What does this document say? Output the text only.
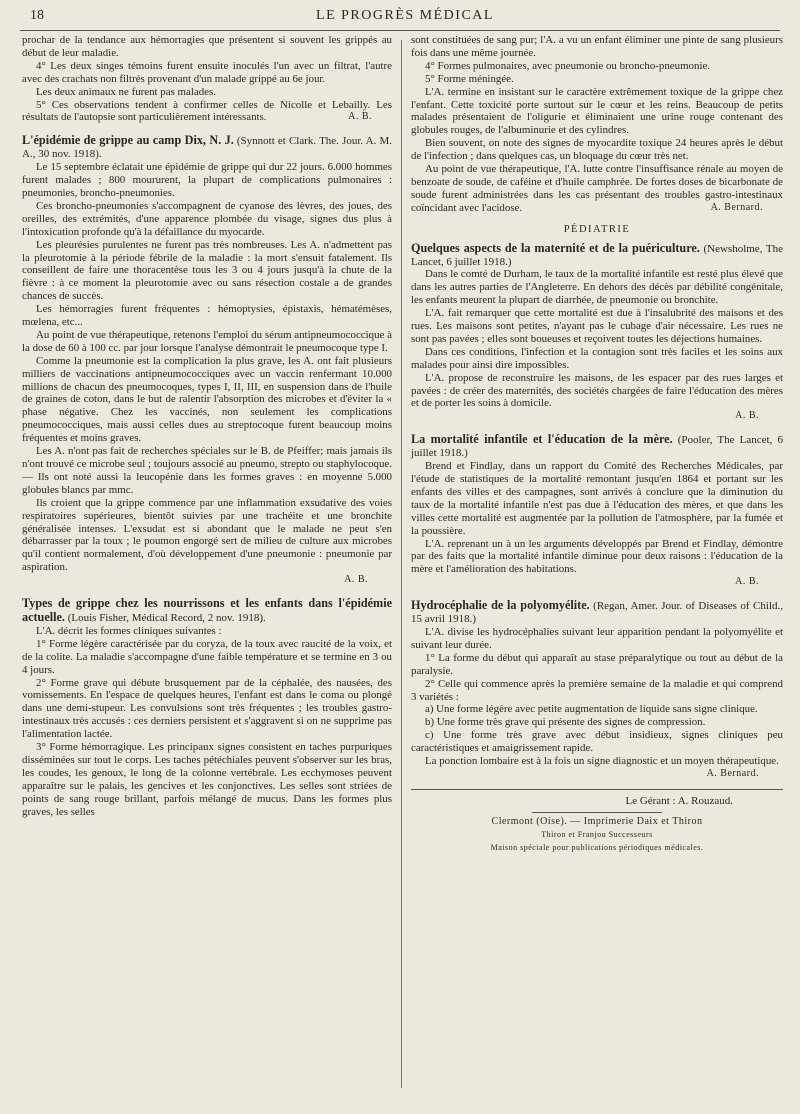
18	LE PROGRÈS MÉDICAL

prochar de la tendance aux hémorragies que présentent si souvent les grippés au début de leur maladie.

4° Les deux singes témoins furent ensuite inoculés l'un avec un filtrat, l'autre avec des crachats non filtrés provenant d'un malade grippé au 6e jour.

Les deux animaux ne furent pas malades.

5° Ces observations tendent à confirmer celles de Nicolle et Lebailly. Les résultats de l'autopsie sont particulièrement intéressants.	A. B.

L'épidémie de grippe au camp Dix, N. J. (Synnott et Clark. The. Jour. A. M. A., 30 nov. 1918).

Le 15 septembre éclatait une épidémie de grippe qui dur 22 jours. 6.000 hommes furent malades ; 800 moururent, la plupart de complications pulmonaires : pneumonies, broncho-pneumonies.

Ces broncho-pneumonies s'accompagnent de cyanose des lèvres, des joues, des oreilles, des extrémités, d'une apparence plombée du visage, signes dus plus à l'intoxication profonde qu'à la défaillance du myocarde.

Les pleurésies purulentes ne furent pas très nombreuses. Les A. n'admettent pas la pleurotomie à la période fébrile de la maladie : la mort s'ensuit fatalement. Ils conseillent de faire une thoracentèse tous les 3 ou 4 jours jusqu'à la chute de la fièvre : à ce moment la pleurotomie avec ou sans résection costale a de grandes chances de succès.

Les hémorragies furent fréquentes : hémoptysies, épistaxis, hématémèses, mœlena, etc...

Au point de vue thérapeutique, retenons l'emploi du sérum antipneumococcique à la dose de 60 à 100 cc. par jour lorsque l'analyse démontrait le pneumocoque type I.

Comme la pneumonie est la complication la plus grave, les A. ont fait plusieurs milliers de vaccinations antipneumococciques avec un vaccin renfermant 10.000 millions de chacun des pneumocoques, types I, II, III, en suspension dans de l'huile de graines de coton, dans le but de ralentir l'absorption des microbes et d'éviter la « phase négative. Chez les vaccinés, non seulement les complications pneumococciques, mais aussi celles dues au streptocoque furent beaucoup moins fréquentes et moins graves.

Les A. n'ont pas fait de recherches spéciales sur le B. de Pfeiffer; mais jamais ils n'ont trouvé ce microbe seul ; toujours associé au pneumo, strepto ou staphylocoque. — Ils ont noté aussi la leucopénie dans les formes graves : en moyenne 5.000 globules blancs par mmc.

Ils croient que la grippe commence par une inflammation exsudative des voies respiratoires supérieures, bientôt suivies par une trachéite et une bronchite généralisée intenses. L'exsudat est si abondant que le malade ne peut s'en débarrasser par la toux ; le poumon engorgé sert de milieu de culture aux microbes qu'il contient normalement, d'où développement d'une pneumonie : pneumonie par aspiration.

A. B.

Types de grippe chez les nourrissons et les enfants dans l'épidémie actuelle. (Louis Fisher, Médical Record, 2 nov. 1918).

L'A. décrit les formes cliniques suivantes :

1° Forme légère caractérisée par du coryza, de la toux avec raucité de la voix, et de la colite. La maladie s'accompagne d'une faible température et se termine en 3 ou 4 jours.

2° Forme grave qui débute brusquement par de la céphalée, des nausées, des vomissements. En l'espace de quelques heures, l'enfant est dans le coma ou plongé dans une demi-stupeur. Les convulsions sont très fréquentes ; les troubles gastro-intestinaux très accusés : ces derniers persistent et s'aggravent si on ne supprime pas l'alimentation lactée.

3° Forme hémorragique. Les principaux signes consistent en taches purpuriques disséminées sur tout le corps. Les taches pétéchiales peuvent s'observer sur les bras, les coudes, les genoux, le long de la colonne vertébrale. Les ecchymoses peuvent apparaître sur le palais, les gencives et les conjonctives. Les selles sont striées de points de sang rouge brillant, parfois mélangé de mucus. Dans les formes plus graves, les selles

sont constituées de sang pur; l'A. a vu un enfant éliminer une pinte de sang plusieurs fois dans une même journée.

4° Formes pulmonaires, avec pneumonie ou broncho-pneumonie.

5° Forme méningée.

L'A. termine en insistant sur le caractère extrêmement toxique de la grippe chez l'enfant. Cette toxicité porte surtout sur le cœur et les reins. Beaucoup de petits malades présentaient de l'oligurie et éliminaient une urine rouge contenant des globules rouges, de l'albuminurie et des cylindres.

Bien souvent, on note des signes de myocardite toxique 24 heures après le début de l'infection ; dans quelques cas, un bloquage du cœur très net.

Au point de vue thérapeutique, l'A. lutte contre l'insuffisance rénale au moyen de benzoate de soude, de caféine et d'huile camphrée. De fortes doses de bicarbonate de soude furent administrées dans les cas présentant des troubles gastro-intestinaux coïncidant avec l'acidose.	A. Bernard.

PÉDIATRIE

Quelques aspects de la maternité et de la puériculture. (Newsholme, The Lancet, 6 juillet 1918.)

Dans le comté de Durham, le taux de la mortalité infantile est resté plus élevé que dans les autres parties de l'Angleterre. En dehors des décès par débilité congénitale, les enfants meurent la plupart de diarrhée, de pneumonie ou bronchite.

L'A. fait remarquer que cette mortalité est due à l'insalubrité des maisons et des rues. Les maisons sont petites, n'ayant pas le cubage d'air nécessaire. Les rues ne sont pas pavées ; elles sont boueuses et reçoivent toutes les déjections humaines.

Dans ces conditions, l'infection et la contagion sont très faciles et les soins aux malades pour ainsi dire impossibles.

L'A. propose de reconstruire les maisons, de les espacer par des rues larges et pavées : de créer des maternités, des sociétés chargées de faire l'éducation des mères et de porter les soins à domicile.

A. B.

La mortalité infantile et l'éducation de la mère. (Pooler, The Lancet, 6 juillet 1918.)

Brend et Findlay, dans un rapport du Comité des Recherches Médicales, par l'étude de statistiques de la mortalité remontant jusqu'en 1864 et portant sur les enfants des villes et des campagnes, sont arrivés à conclure que la diminution du taux de la mortalité infantile n'est pas due à l'éducation des mères, et que dans les villes cette mortalité est augmentée par la pollution de l'atmosphère, par la fumée et la poussière.

L'A. reprenant un à un les arguments développés par Brend et Findlay, démontre par des faits que la mortalité infantile diminue pour deux raisons : l'éducation de la mère et l'amélioration des habitations.

A. B.

Hydrocéphalie de la polyomyélite. (Regan, Amer. Jour. of Diseases of Child., 15 avril 1918.)

L'A. divise les hydrocéphalies suivant leur apparition pendant la polyomyélite et suivant leur durée.

1° La forme du début qui apparaît au stase préparalytique ou tout au début de la paralysie.

2° Celle qui commence après la première semaine de la maladie et qui comprend 3 variétés :

a) Une forme légère avec petite augmentation de liquide sans signe clinique.

b) Une forme très grave qui présente des signes de compression.

c) Une forme très grave avec début insidieux, signes cliniques peu caractéristiques et amaigrissement rapide.

La ponction lombaire est à la fois un signe diagnostic et un moyen thérapeutique.

A. Bernard.
Le Gérant : A. Rouzaud.
Clermont (Oise). — Imprimerie Daix et Thiron
Thiron et Franjou Successeurs
Maison spéciale pour publications périodiques médicales.
